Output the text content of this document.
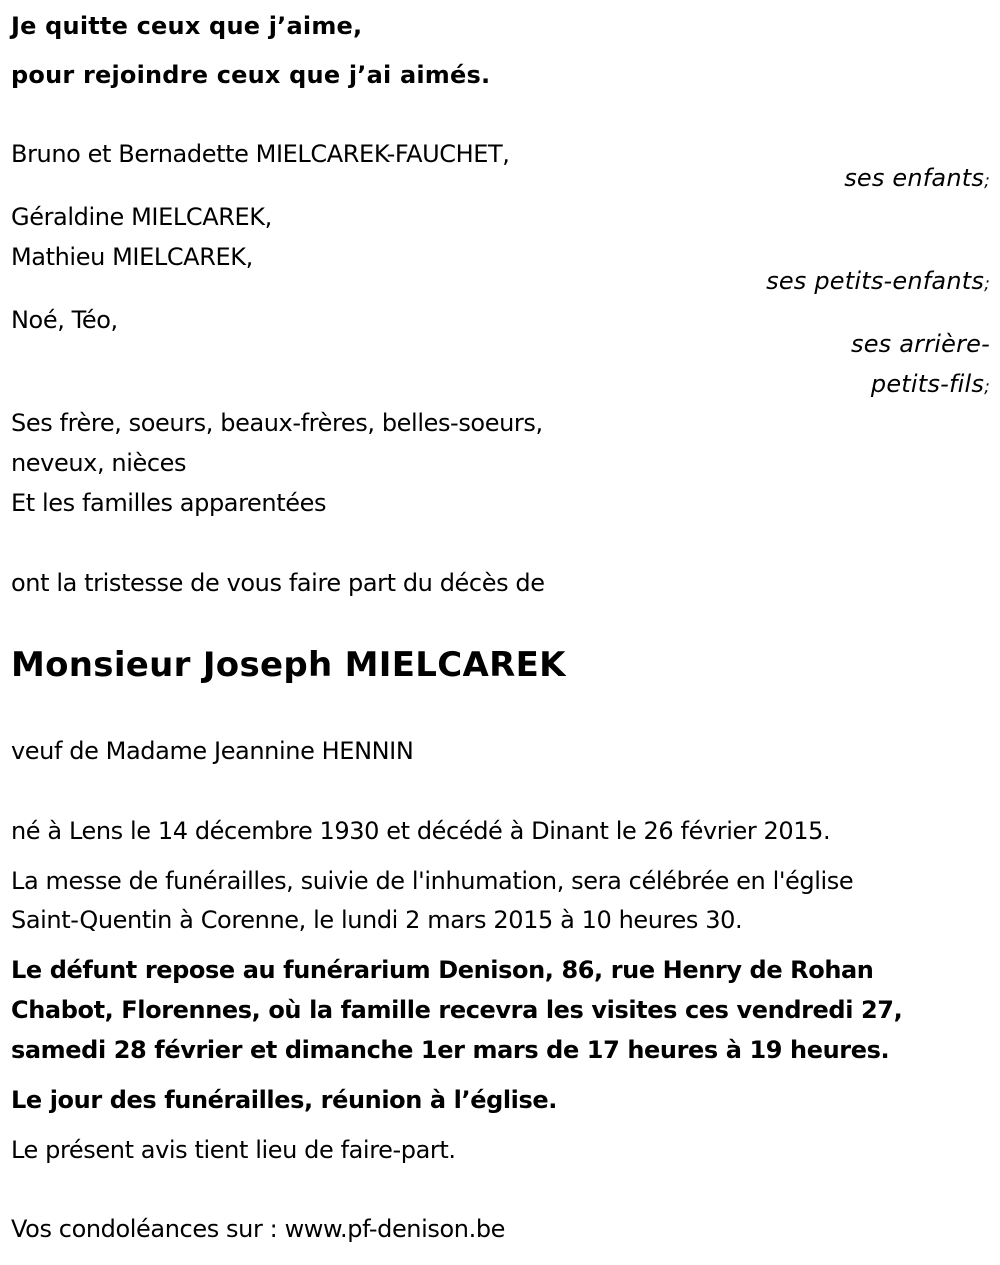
Je quitte ceux que j’aime,
pour rejoindre ceux que j’ai aimés.
Bruno et Bernadette MIELCAREK-FAUCHET,
ses enfants;
Géraldine MIELCAREK,
Mathieu MIELCAREK,
ses petits-enfants;
Noé, Téo,
ses arrière-
petits-fils;
Ses frère, soeurs, beaux-frères, belles-soeurs,
neveux, nièces
Et les familles apparentées
ont la tristesse de vous faire part du décès de
Monsieur Joseph MIELCAREK
veuf de Madame Jeannine HENNIN
né à Lens le 14 décembre 1930 et décédé à Dinant le 26 février 2015.
La messe de funérailles, suivie de l'inhumation, sera célébrée en l'église
Saint-Quentin à Corenne, le lundi 2 mars 2015 à 10 heures 30.
Le défunt repose au funérarium Denison, 86, rue Henry de Rohan
Chabot, Florennes, où la famille recevra les visites ces vendredi 27,
samedi 28 février et dimanche 1er mars de 17 heures à 19 heures.
Le jour des funérailles, réunion à l’église.
Le présent avis tient lieu de faire-part.
Vos condoléances sur : www.pf-denison.be
